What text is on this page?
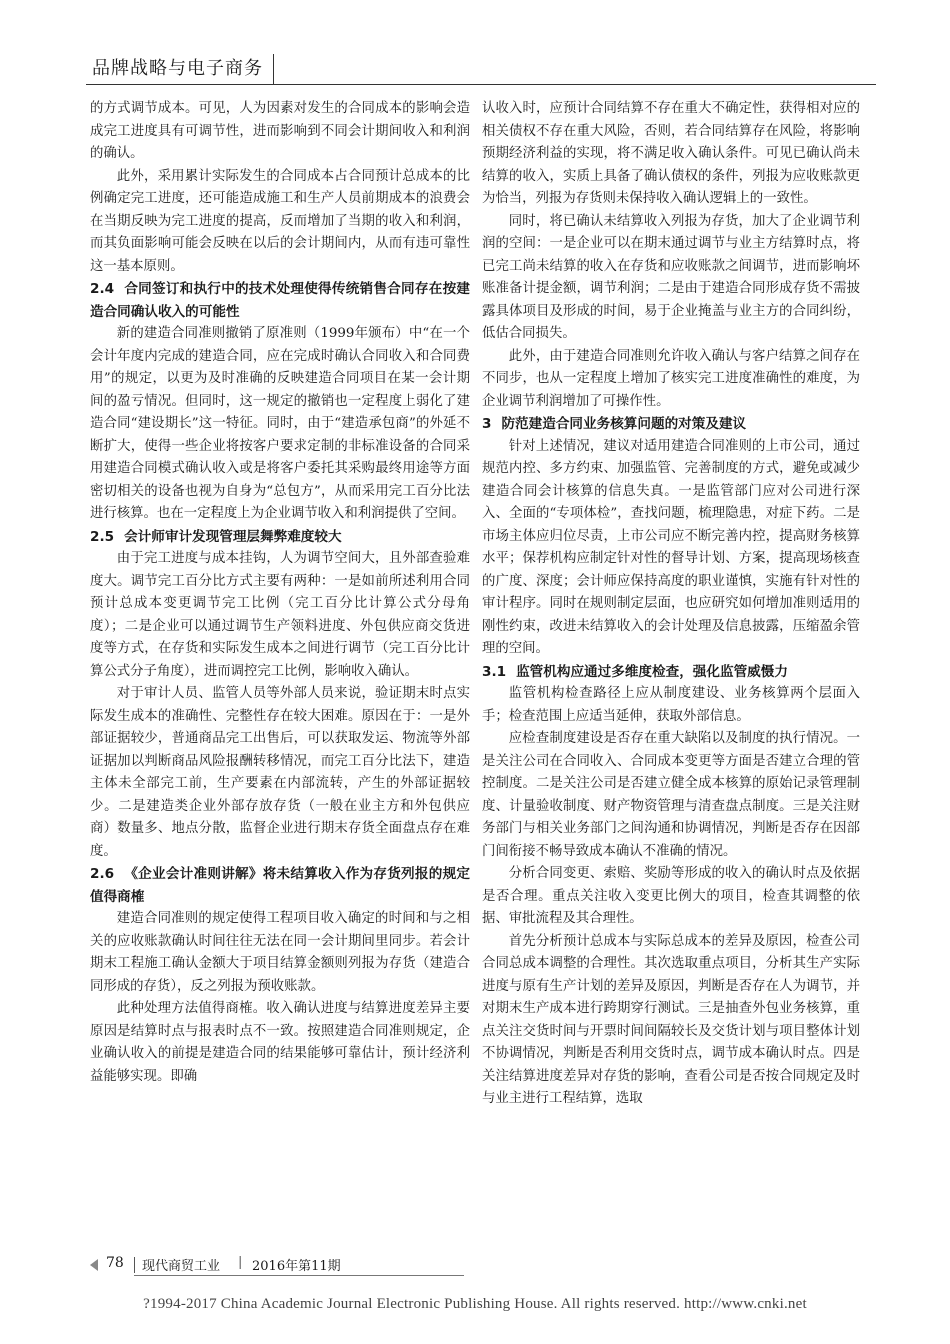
品牌战略与电子商务

的方式调节成本。可见，人为因素对发生的合同成本的影响会造成完工进度具有可调节性，进而影响到不同会计期间收入和利润的确认。

此外，采用累计实际发生的合同成本占合同预计总成本的比例确定完工进度，还可能造成施工和生产人员前期成本的浪费会在当期反映为完工进度的提高，反而增加了当期的收入和利润，而其负面影响可能会反映在以后的会计期间内，从而有违可靠性这一基本原则。

2.4 合同签订和执行中的技术处理使得传统销售合同存在按建造合同确认收入的可能性

新的建造合同准则撤销了原准则（1999年颁布）中“在一个会计年度内完成的建造合同，应在完成时确认合同收入和合同费用”的规定，以更为及时准确的反映建造合同项目在某一会计期间的盈亏情况。但同时，这一规定的撤销也一定程度上弱化了建造合同“建设期长”这一特征。同时，由于“建造承包商”的外延不断扩大，使得一些企业将按客户要求定制的非标准设备的合同采用建造合同模式确认收入或是将客户委托其采购最终用途等方面密切相关的设备也视为自身为“总包方”，从而采用完工百分比法进行核算。也在一定程度上为企业调节收入和利润提供了空间。

2.5 会计师审计发现管理层舞弊难度较大

由于完工进度与成本挂钩，人为调节空间大，且外部查验难度大。调节完工百分比方式主要有两种：一是如前所述利用合同预计总成本变更调节完工比例（完工百分比计算公式分母角度）；二是企业可以通过调节生产领料进度、外包供应商交货进度等方式，在存货和实际发生成本之间进行调节（完工百分比计算公式分子角度），进而调控完工比例，影响收入确认。

对于审计人员、监管人员等外部人员来说，验证期末时点实际发生成本的准确性、完整性存在较大困难。原因在于：一是外部证据较少，普通商品完工出售后，可以获取发运、物流等外部证据加以判断商品风险报酬转移情况，而完工百分比法下，建造主体未全部完工前，生产要素在内部流转，产生的外部证据较少。二是建造类企业外部存放存货（一般在业主方和外包供应商）数量多、地点分散，监督企业进行期末存货全面盘点存在难度。

2.6 《企业会计准则讲解》将未结算收入作为存货列报的规定值得商榷

建造合同准则的规定使得工程项目收入确定的时间和与之相关的应收账款确认时间往往无法在同一会计期间里同步。若会计期末工程施工确认金额大于项目结算金额则列报为存货（建造合同形成的存货），反之列报为预收账款。

此种处理方法值得商榷。收入确认进度与结算进度差异主要原因是结算时点与报表时点不一致。按照建造合同准则规定，企业确认收入的前提是建造合同的结果能够可靠估计，预计经济利益能够实现。即确

认收入时，应预计合同结算不存在重大不确定性，获得相对应的相关债权不存在重大风险，否则，若合同结算存在风险，将影响预期经济利益的实现，将不满足收入确认条件。可见已确认尚未结算的收入，实质上具备了确认债权的条件，列报为应收账款更为恰当，列报为存货则未保持收入确认逻辑上的一致性。

同时，将已确认未结算收入列报为存货，加大了企业调节利润的空间：一是企业可以在期末通过调节与业主方结算时点，将已完工尚未结算的收入在存货和应收账款之间调节，进而影响坏账准备计提金额，调节利润；二是由于建造合同形成存货不需披露具体项目及形成的时间，易于企业掩盖与业主方的合同纠纷，低估合同损失。

此外，由于建造合同准则允许收入确认与客户结算之间存在不同步，也从一定程度上增加了核实完工进度准确性的难度，为企业调节利润增加了可操作性。

3 防范建造合同业务核算问题的对策及建议

针对上述情况，建议对适用建造合同准则的上市公司，通过规范内控、多方约束、加强监管、完善制度的方式，避免或减少建造合同会计核算的信息失真。一是监管部门应对公司进行深入、全面的“专项体检”，查找问题，梳理隐患，对症下药。二是市场主体应归位尽责，上市公司应不断完善内控，提高财务核算水平；保荐机构应制定针对性的督导计划、方案，提高现场核查的广度、深度；会计师应保持高度的职业谨慎，实施有针对性的审计程序。同时在规则制定层面，也应研究如何增加准则适用的刚性约束，改进未结算收入的会计处理及信息披露，压缩盈余管理的空间。

3.1 监管机构应通过多维度检查，强化监管威慑力

监管机构检查路径上应从制度建设、业务核算两个层面入手；检查范围上应适当延伸，获取外部信息。

应检查制度建设是否存在重大缺陷以及制度的执行情况。一是关注公司在合同收入、合同成本变更等方面是否建立合理的管控制度。二是关注公司是否建立健全成本核算的原始记录管理制度、计量验收制度、财产物资管理与清查盘点制度。三是关注财务部门与相关业务部门之间沟通和协调情况，判断是否存在因部门间衔接不畅导致成本确认不准确的情况。

分析合同变更、索赔、奖励等形成的收入的确认时点及依据是否合理。重点关注收入变更比例大的项目，检查其调整的依据、审批流程及其合理性。

首先分析预计总成本与实际总成本的差异及原因，检查公司合同总成本调整的合理性。其次选取重点项目，分析其生产实际进度与原有生产计划的差异及原因，判断是否存在人为调节，并对期末生产成本进行跨期穿行测试。三是抽查外包业务核算，重点关注交货时间与开票时间间隔较长及交货计划与项目整体计划不协调情况，判断是否利用交货时点，调节成本确认时点。四是关注结算进度差异对存货的影响，查看公司是否按合同规定及时与业主进行工程结算，选取

78 现代商贸工业 | 2016年第11期
?1994-2017 China Academic Journal Electronic Publishing House. All rights reserved. http://www.cnki.net
